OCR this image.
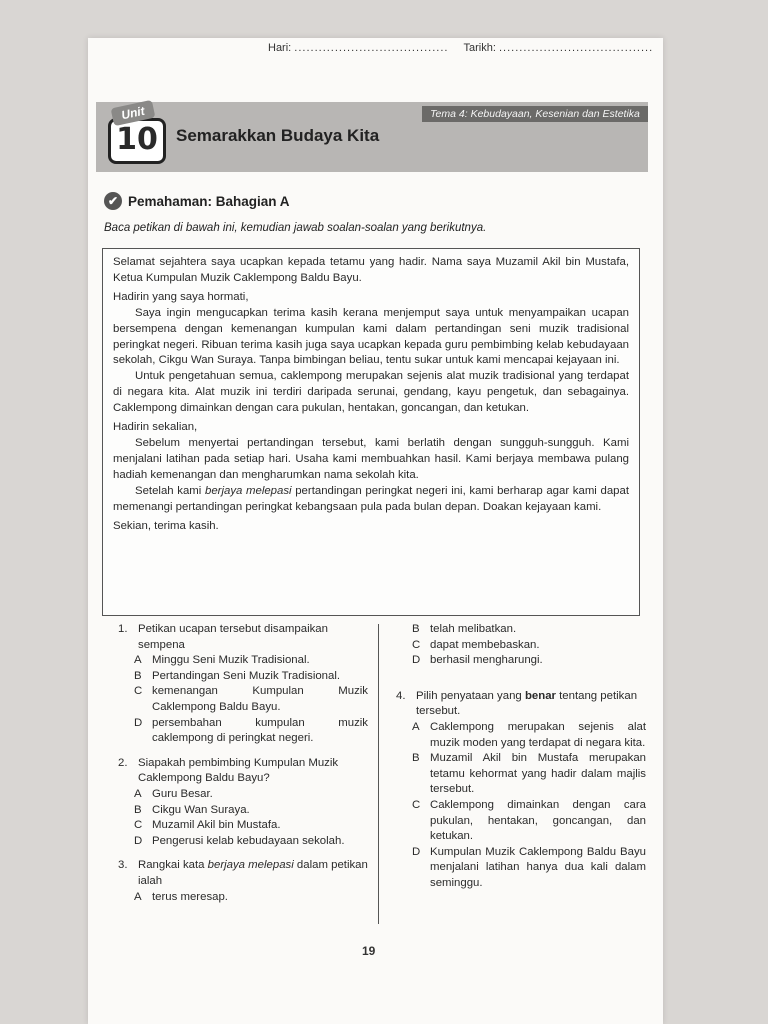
Hari: ...................................... Tarikh: ......................................
Tema 4: Kebudayaan, Kesenian dan Estetika
10
Unit
Semarakkan Budaya Kita
✔ Pemahaman: Bahagian A
Baca petikan di bawah ini, kemudian jawab soalan-soalan yang berikutnya.

Selamat sejahtera saya ucapkan kepada tetamu yang hadir. Nama saya Muzamil Akil bin Mustafa, Ketua Kumpulan Muzik Caklempong Baldu Bayu.

Hadirin yang saya hormati,

Saya ingin mengucapkan terima kasih kerana menjemput saya untuk menyampaikan ucapan bersempena dengan kemenangan kumpulan kami dalam pertandingan seni muzik tradisional peringkat negeri. Ribuan terima kasih juga saya ucapkan kepada guru pembimbing kelab kebudayaan sekolah, Cikgu Wan Suraya. Tanpa bimbingan beliau, tentu sukar untuk kami mencapai kejayaan ini.

Untuk pengetahuan semua, caklempong merupakan sejenis alat muzik tradisional yang terdapat di negara kita. Alat muzik ini terdiri daripada serunai, gendang, kayu pengetuk, dan sebagainya. Caklempong dimainkan dengan cara pukulan, hentakan, goncangan, dan ketukan.

Hadirin sekalian,

Sebelum menyertai pertandingan tersebut, kami berlatih dengan sungguh-sungguh. Kami menjalani latihan pada setiap hari. Usaha kami membuahkan hasil. Kami berjaya membawa pulang hadiah kemenangan dan mengharumkan nama sekolah kita.

Setelah kami berjaya melepasi pertandingan peringkat negeri ini, kami berharap agar kami dapat memenangi pertandingan peringkat kebangsaan pula pada bulan depan. Doakan kejayaan kami.

Sekian, terima kasih.

1. Petikan ucapan tersebut disampaikan sempena
A Minggu Seni Muzik Tradisional.
B Pertandingan Seni Muzik Tradisional.
C kemenangan Kumpulan Muzik Caklempong Baldu Bayu.
D persembahan kumpulan muzik caklempong di peringkat negeri.
2. Siapakah pembimbing Kumpulan Muzik Caklempong Baldu Bayu?
A Guru Besar.
B Cikgu Wan Suraya.
C Muzamil Akil bin Mustafa.
D Pengerusi kelab kebudayaan sekolah.
3. Rangkai kata berjaya melepasi dalam petikan ialah
A terus meresap.
B telah melibatkan.
C dapat membebaskan.
D berhasil mengharungi.
4. Pilih penyataan yang benar tentang petikan tersebut.
A Caklempong merupakan sejenis alat muzik moden yang terdapat di negara kita.
B Muzamil Akil bin Mustafa merupakan tetamu kehormat yang hadir dalam majlis tersebut.
C Caklempong dimainkan dengan cara pukulan, hentakan, goncangan, dan ketukan.
D Kumpulan Muzik Caklempong Baldu Bayu menjalani latihan hanya dua kali dalam seminggu.
19
